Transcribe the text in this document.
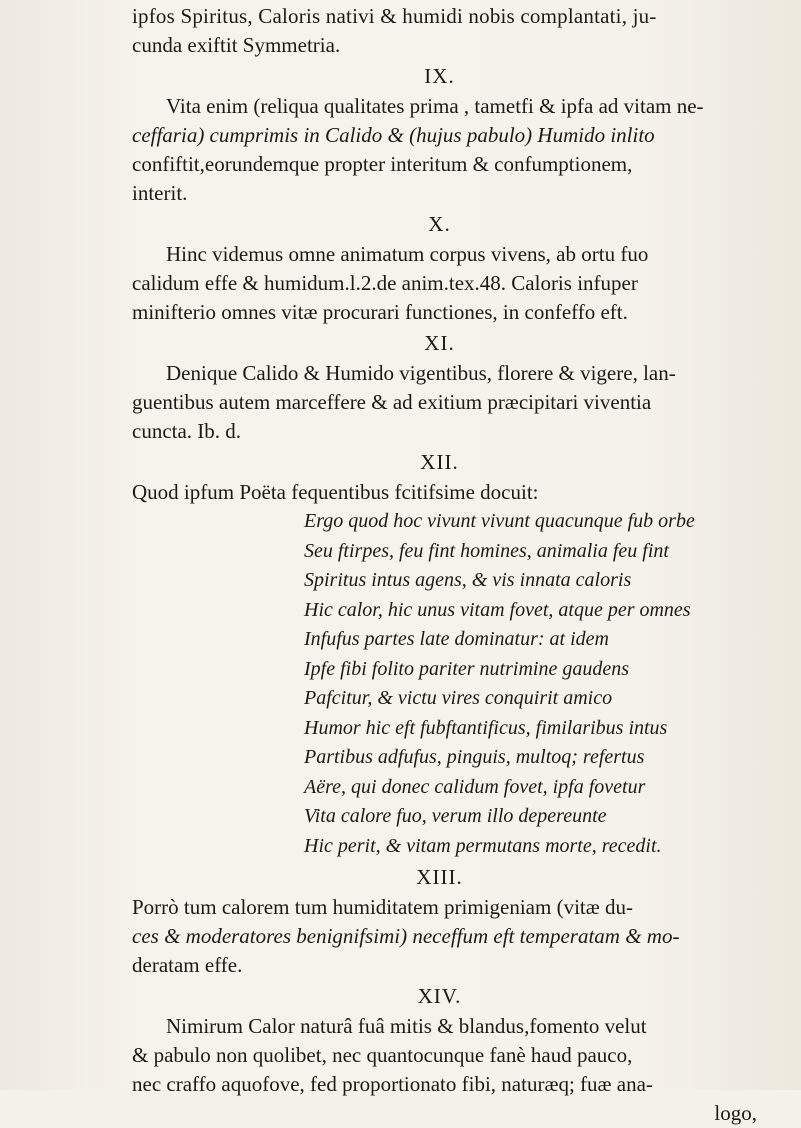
ipfos Spiritus, Caloris nativi & humidi nobis complantati, ju-

cunda exiftit Symmetria.

IX.

Vita enim (reliqua qualitates prima , tametfi & ipfa ad vitam ne-

ceffaria) cumprimis in Calido & (hujus pabulo) Humido inlito

confiftit,eorundemque propter interitum & confumptionem,

interit.

X.

Hinc videmus omne animatum corpus vivens, ab ortu fuo

calidum effe & humidum.l.2.de anim.tex.48. Caloris infuper

minifterio omnes vitæ procurari functiones, in confeffo eft.

XI.

Denique Calido & Humido vigentibus, florere & vigere, lan-

guentibus autem marceffere & ad exitium præcipitari viventia

cuncta. Ib. d.

XII.

Quod ipfum Poëta fequentibus fcitifsime docuit:

Ergo quod hoc vivunt vivunt quacunque fub orbe

Seu ftirpes, feu fint homines, animalia feu fint

Spiritus intus agens, & vis innata caloris

Hic calor, hic unus vitam fovet, atque per omnes

Infufus partes late dominatur: at idem

Ipfe fibi folito pariter nutrimine gaudens

Pafcitur, & victu vires conquirit amico

Humor hic eft fubftantificus, fimilaribus intus

Partibus adfufus, pinguis, multoq; refertus

Aëre, qui donec calidum fovet, ipfa fovetur

Vita calore fuo, verum illo depereunte

Hic perit, & vitam permutans morte, recedit.

XIII.

Porrò tum calorem tum humiditatem primigeniam (vitæ du-

ces & moderatores benignifsimi) neceffum eft temperatam & mo-

deratam effe.

XIV.

Nimirum Calor naturâ fuâ mitis & blandus,fomento velut

& pabulo non quolibet, nec quantocunque fanè haud pauco,

nec craffo aquofove, fed proportionato fibi, naturæq; fuæ ana-

logo,
